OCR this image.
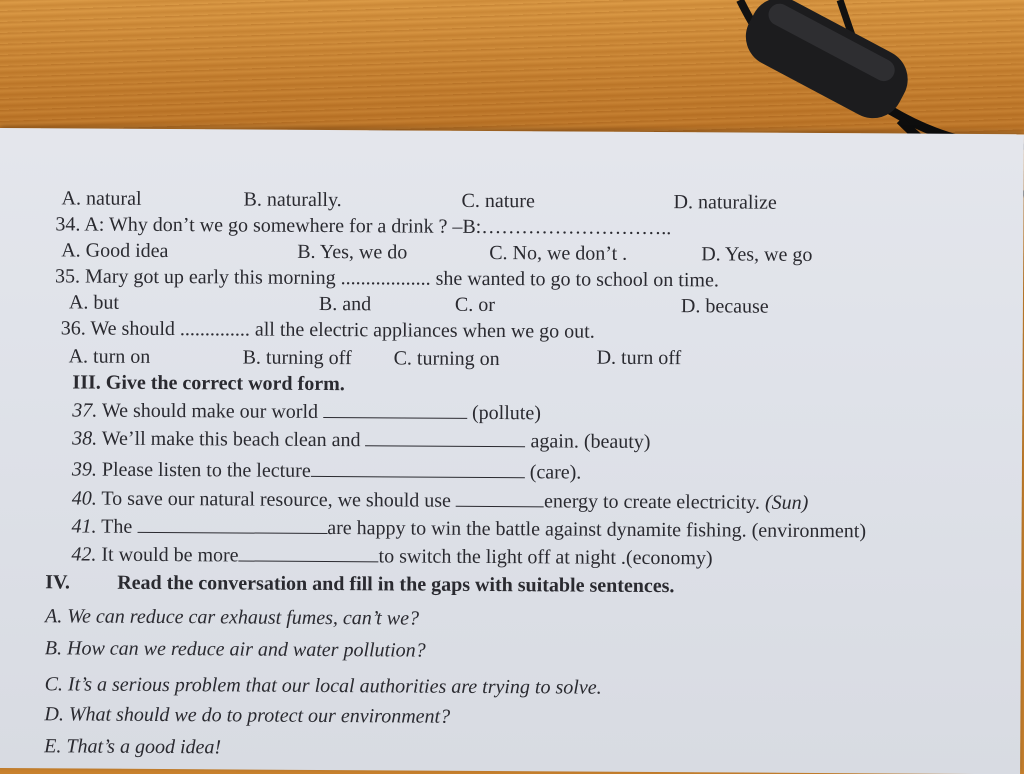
A. natural	B. naturally.	C. nature	D. naturalize
34. A: Why don’t we go somewhere for a drink ? –B:………………………..
A. Good idea	B. Yes, we do	C. No, we don’t .	D. Yes, we go
35. Mary got up early this morning .................. she wanted to go to school on time.
A. but	B. and	C. or	D. because
36. We should .............. all the electric appliances when we go out.
A. turn on	B. turning off C. turning on	D. turn off
III. Give the correct word form.
37. We should make our world	(pollute)
38. We’ll make this beach clean and	again. (beauty)
39. Please listen to the lecture	(care).
40. To save our natural resource, we should use	energy to create electricity. (Sun)
41. The	are happy to win the battle against dynamite fishing. (environment)
42. It would be more	to switch the light off at night .(economy)
IV. Read the conversation and fill in the gaps with suitable sentences.
A. We can reduce car exhaust fumes, can’t we?
B. How can we reduce air and water pollution?
C. It’s a serious problem that our local authorities are trying to solve.
D. What should we do to protect our environment?
E. That’s a good idea!
